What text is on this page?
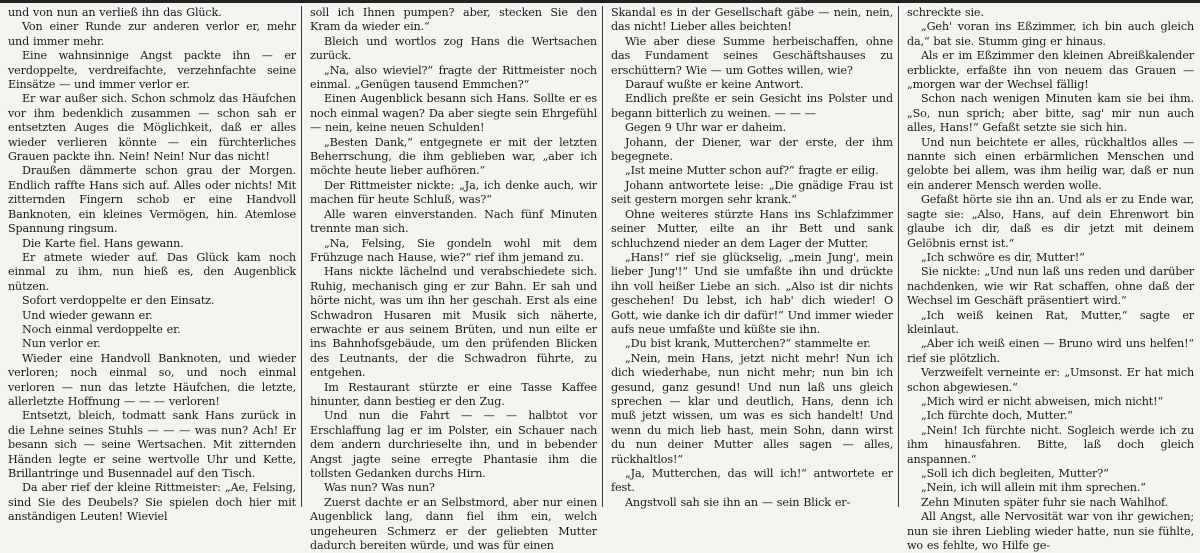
und von nun an verließ ihn das Glück.

Von einer Runde zur anderen verlor er, mehr und immer mehr.

Eine wahnsinnige Angst packte ihn — er verdoppelte, verdreifachte, verzehnfachte seine Einsätze — und immer verlor er.

Er war außer sich. Schon schmolz das Häufchen vor ihm bedenklich zusammen — schon sah er entsetzten Auges die Möglichkeit, daß er alles wieder verlieren könnte — ein fürchterliches Grauen packte ihn. Nein! Nein! Nur das nicht!

Draußen dämmerte schon grau der Morgen. Endlich raffte Hans sich auf. Alles oder nichts! Mit zitternden Fingern schob er eine Handvoll Banknoten, ein kleines Vermögen, hin. Atemlose Spannung ringsum.

Die Karte fiel. Hans gewann.

Er atmete wieder auf. Das Glück kam noch einmal zu ihm, nun hieß es, den Augenblick nützen.

Sofort verdoppelte er den Einsatz.

Und wieder gewann er.

Noch einmal verdoppelte er.

Nun verlor er.

Wieder eine Handvoll Banknoten, und wieder verloren; noch einmal so, und noch einmal verloren — nun das letzte Häufchen, die letzte, allerletzte Hoffnung — — — verloren!

Entsetzt, bleich, todmatt sank Hans zurück in die Lehne seines Stuhls — — — was nun? Ach! Er besann sich — seine Wertsachen. Mit zitternden Händen legte er seine wertvolle Uhr und Kette, Brillantringe und Busennadel auf den Tisch.

Da aber rief der kleine Rittmeister: „Ae, Felsing, sind Sie des Deubels? Sie spielen doch hier mit anständigen Leuten! Wieviel

soll ich Ihnen pumpen? aber, stecken Sie den Kram da wieder ein.“

Bleich und wortlos zog Hans die Wertsachen zurück.

„Na, also wieviel?“ fragte der Rittmeister noch einmal. „Genügen tausend Emmchen?“

Einen Augenblick besann sich Hans. Sollte er es noch einmal wagen? Da aber siegte sein Ehrgefühl — nein, keine neuen Schulden!

„Besten Dank,“ entgegnete er mit der letzten Beherrschung, die ihm geblieben war, „aber ich möchte heute lieber aufhören.“

Der Rittmeister nickte: „Ja, ich denke auch, wir machen für heute Schluß, was?“

Alle waren einverstanden. Nach fünf Minuten trennte man sich.

„Na, Felsing, Sie gondeln wohl mit dem Frühzuge nach Hause, wie?“ rief ihm jemand zu.

Hans nickte lächelnd und verabschiedete sich. Ruhig, mechanisch ging er zur Bahn. Er sah und hörte nicht, was um ihn her geschah. Erst als eine Schwadron Husaren mit Musik sich näherte, erwachte er aus seinem Brüten, und nun eilte er ins Bahnhofsgebäude, um den prüfenden Blicken des Leutnants, der die Schwadron führte, zu entgehen.

Im Restaurant stürzte er eine Tasse Kaffee hinunter, dann bestieg er den Zug.

Und nun die Fahrt — — — halbtot vor Erschlaffung lag er im Polster, ein Schauer nach dem andern durchrieselte ihn, und in bebender Angst jagte seine erregte Phantasie ihm die tollsten Gedanken durchs Hirn.

Was nun? Was nun?

Zuerst dachte er an Selbstmord, aber nur einen Augenblick lang, dann fiel ihm ein, welch ungeheuren Schmerz er der geliebten Mutter dadurch bereiten würde, und was für einen

Skandal es in der Gesellschaft gäbe — nein, nein, das nicht! Lieber alles beichten!

Wie aber diese Summe herbeischaffen, ohne das Fundament seines Geschäftshauses zu erschüttern? Wie — um Gottes willen, wie?

Darauf wußte er keine Antwort.

Endlich preßte er sein Gesicht ins Polster und begann bitterlich zu weinen. — — —

Gegen 9 Uhr war er daheim.

Johann, der Diener, war der erste, der ihm begegnete.

„Ist meine Mutter schon auf?“ fragte er eilig.

Johann antwortete leise: „Die gnädige Frau ist seit gestern morgen sehr krank.“

Ohne weiteres stürzte Hans ins Schlafzimmer seiner Mutter, eilte an ihr Bett und sank schluchzend nieder an dem Lager der Mutter.

„Hans!“ rief sie glückselig, „mein Jung', mein lieber Jung'!“ Und sie umfaßte ihn und drückte ihn voll heißer Liebe an sich. „Also ist dir nichts geschehen! Du lebst, ich hab' dich wieder! O Gott, wie danke ich dir dafür!“ Und immer wieder aufs neue umfaßte und küßte sie ihn.

„Du bist krank, Mutterchen?“ stammelte er.

„Nein, mein Hans, jetzt nicht mehr! Nun ich dich wiederhabe, nun nicht mehr; nun bin ich gesund, ganz gesund! Und nun laß uns gleich sprechen — klar und deutlich, Hans, denn ich muß jetzt wissen, um was es sich handelt! Und wenn du mich lieb hast, mein Sohn, dann wirst du nun deiner Mutter alles sagen — alles, rückhaltlos!“

„Ja, Mutterchen, das will ich!“ antwortete er fest.

Angstvoll sah sie ihn an — sein Blick er-

schreckte sie.

„Geh' voran ins Eßzimmer, ich bin auch gleich da,“ bat sie. Stumm ging er hinaus.

Als er im Eßzimmer den kleinen Abreißkalender erblickte, erfaßte ihn von neuem das Grauen — „morgen war der Wechsel fällig!

Schon nach wenigen Minuten kam sie bei ihm. „So, nun sprich; aber bitte, sag' mir nun auch alles, Hans!“ Gefaßt setzte sie sich hin.

Und nun beichtete er alles, rückhaltlos alles — nannte sich einen erbärmlichen Menschen und gelobte bei allem, was ihm heilig war, daß er nun ein anderer Mensch werden wolle.

Gefaßt hörte sie ihn an. Und als er zu Ende war, sagte sie: „Also, Hans, auf dein Ehrenwort bin glaube ich dir, daß es dir jetzt mit deinem Gelöbnis ernst ist.“

„Ich schwöre es dir, Mutter!“

Sie nickte: „Und nun laß uns reden und darüber nachdenken, wie wir Rat schaffen, ohne daß der Wechsel im Geschäft präsentiert wird.“

„Ich weiß keinen Rat, Mutter,“ sagte er kleinlaut.

„Aber ich weiß einen — Bruno wird uns helfen!“ rief sie plötzlich.

Verzweifelt verneinte er: „Umsonst. Er hat mich schon abgewiesen.“

„Mich wird er nicht abweisen, mich nicht!“

„Ich fürchte doch, Mutter.“

„Nein! Ich fürchte nicht. Sogleich werde ich zu ihm hinausfahren. Bitte, laß doch gleich anspannen.“

„Soll ich dich begleiten, Mutter?“

„Nein, ich will allein mit ihm sprechen.“

Zehn Minuten später fuhr sie nach Wahlhof.

All Angst, alle Nervosität war von ihr gewichen; nun sie ihren Liebling wieder hatte, nun sie fühlte, wo es fehlte, wo Hilfe ge-
